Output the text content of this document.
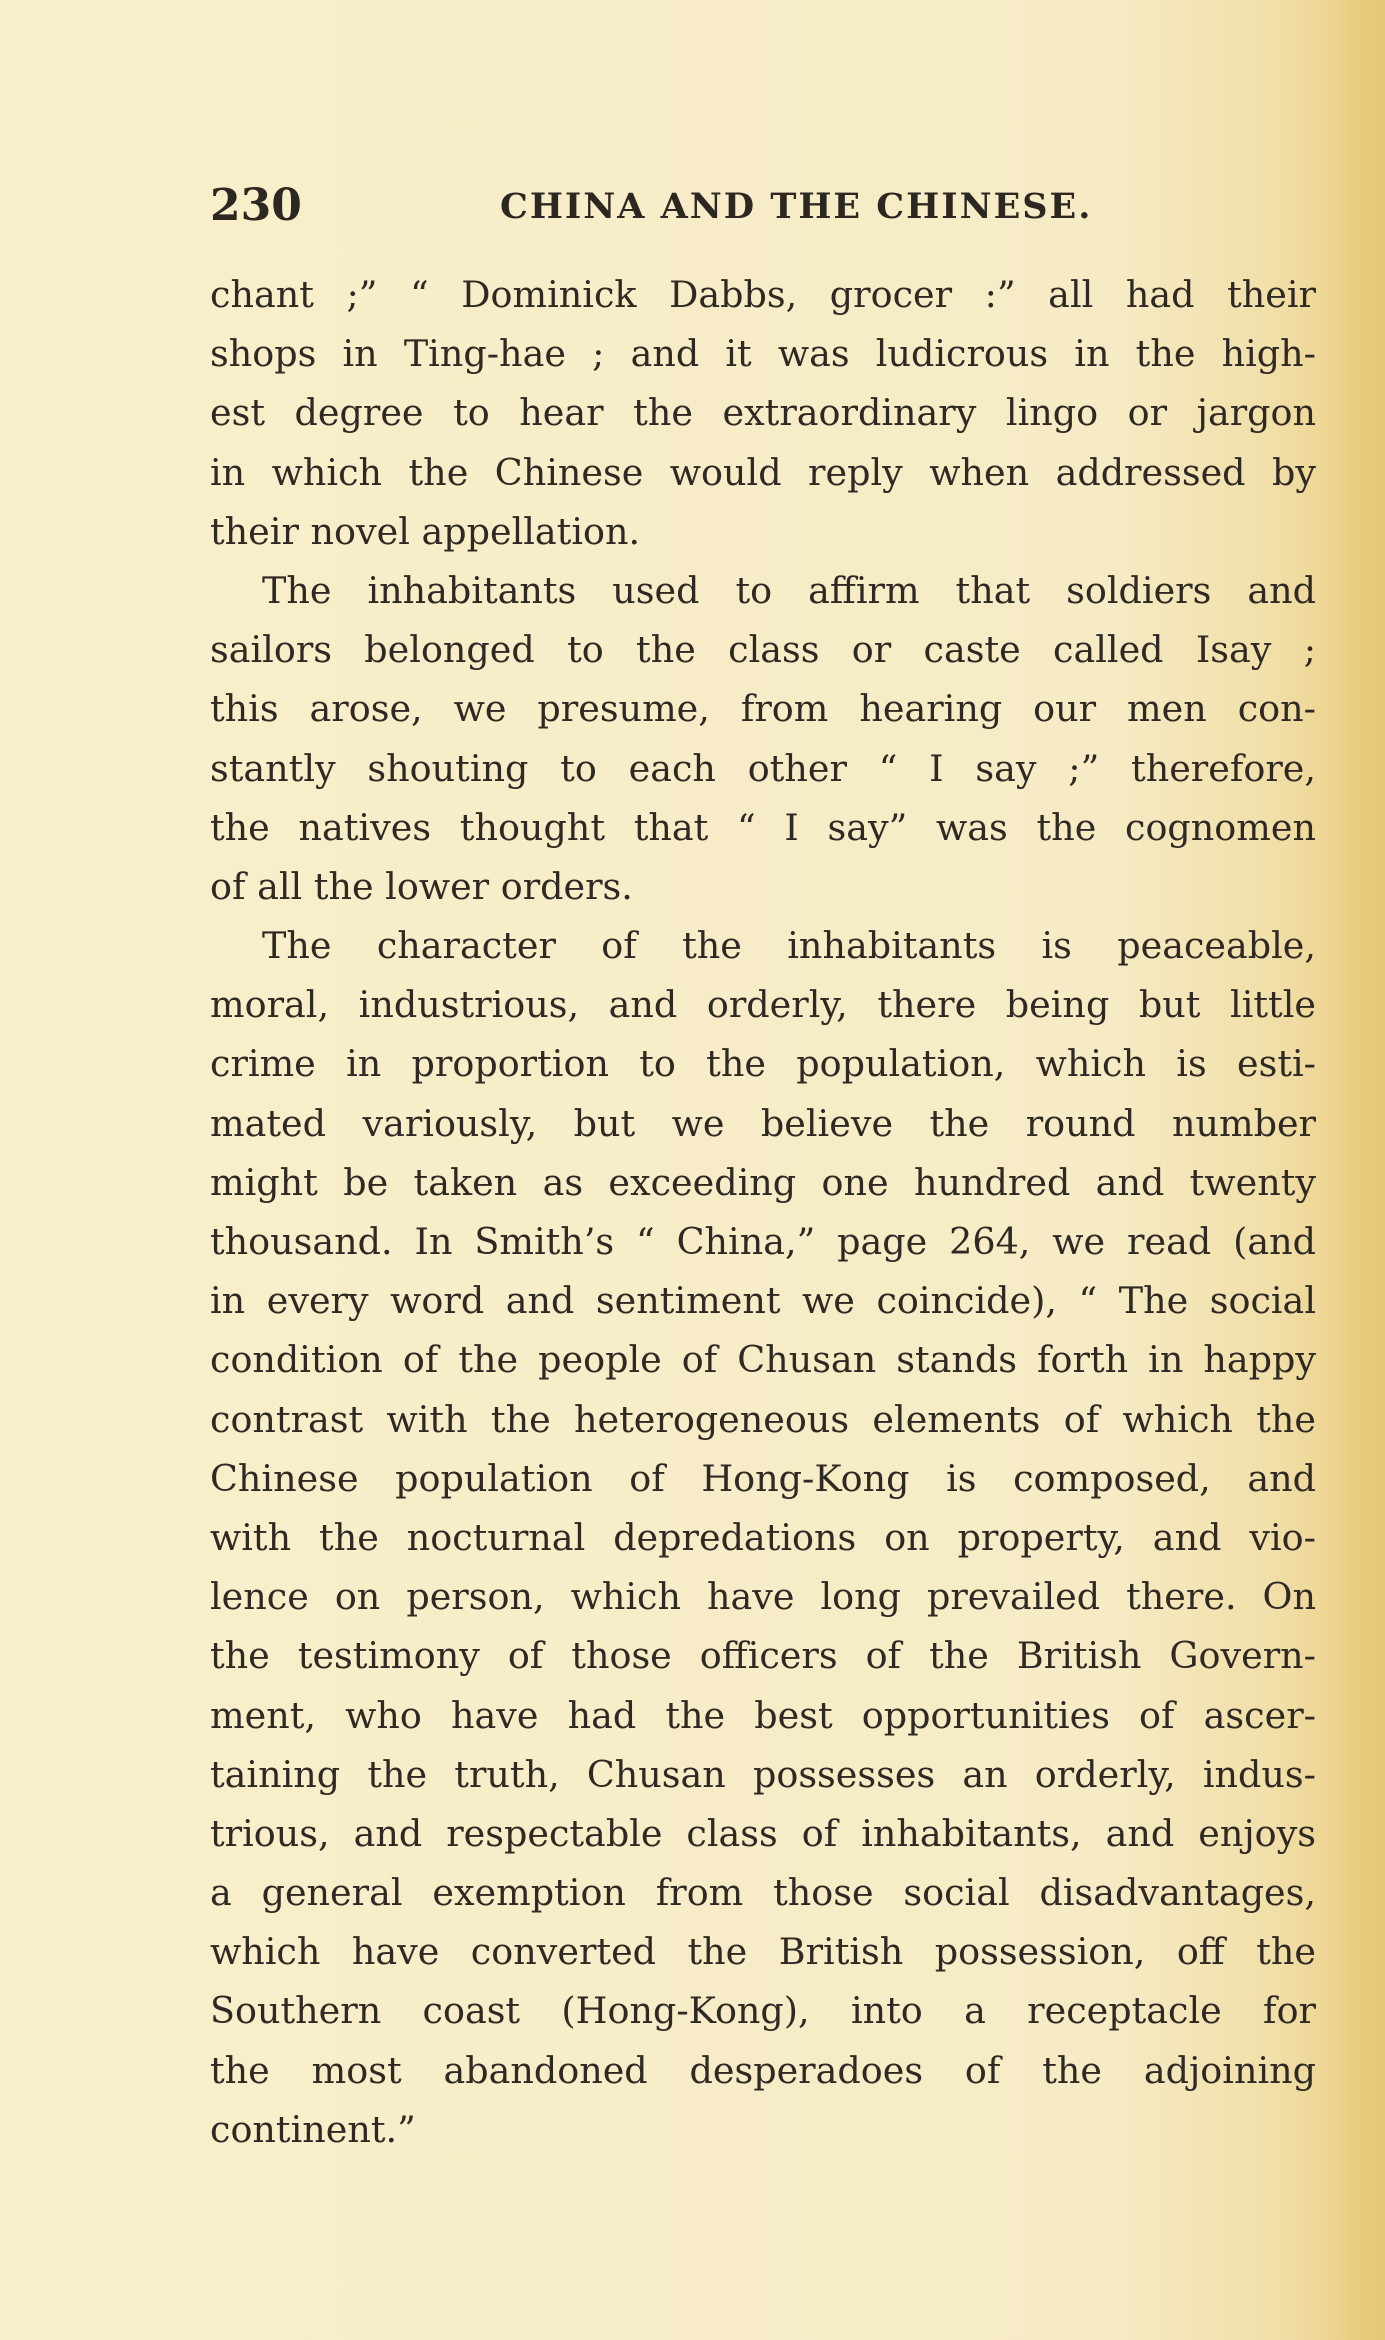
230	CHINA AND THE CHINESE.
chant ;” “ Dominick Dabbs, grocer :” all had their
shops in Ting-hae ; and it was ludicrous in the high-
est degree to hear the extraordinary lingo or jargon
in which the Chinese would reply when addressed by
their novel appellation.
The inhabitants used to affirm that soldiers and
sailors belonged to the class or caste called Isay ;
this arose, we presume, from hearing our men con-
stantly shouting to each other “ I say ;” therefore,
the natives thought that “ I say” was the cognomen
of all the lower orders.
The character of the inhabitants is peaceable,
moral, industrious, and orderly, there being but little
crime in proportion to the population, which is esti-
mated variously, but we believe the round number
might be taken as exceeding one hundred and twenty
thousand. In Smith’s “ China,” page 264, we read (and
in every word and sentiment we coincide), “ The social
condition of the people of Chusan stands forth in happy
contrast with the heterogeneous elements of which the
Chinese population of Hong-Kong is composed, and
with the nocturnal depredations on property, and vio-
lence on person, which have long prevailed there. On
the testimony of those officers of the British Govern-
ment, who have had the best opportunities of ascer-
taining the truth, Chusan possesses an orderly, indus-
trious, and respectable class of inhabitants, and enjoys
a general exemption from those social disadvantages,
which have converted the British possession, off the
Southern coast (Hong-Kong), into a receptacle for
the most abandoned desperadoes of the adjoining
continent.”
